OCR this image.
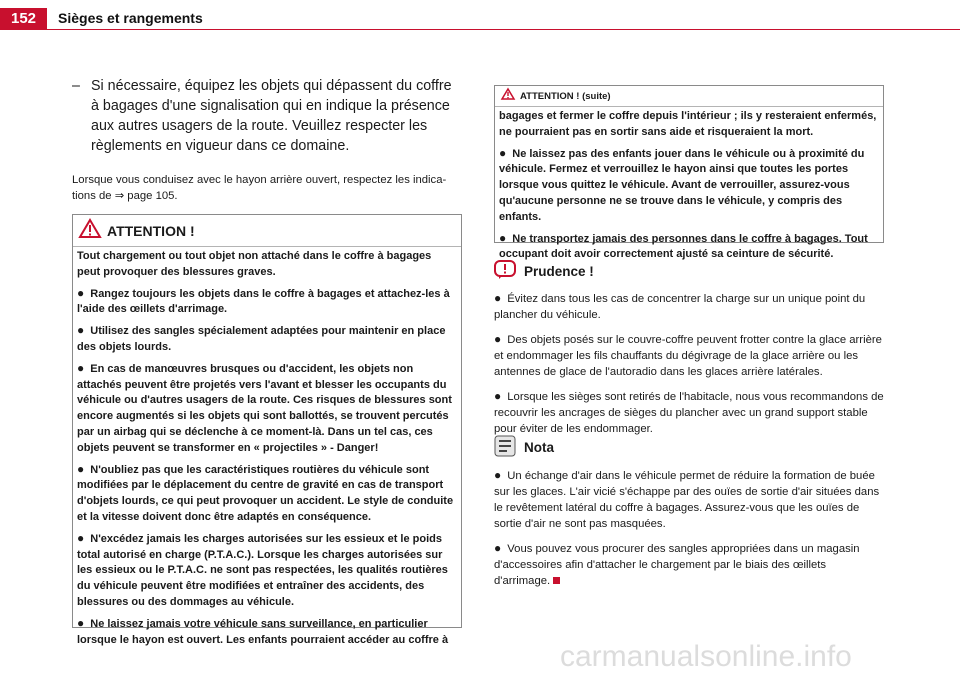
152	Sièges et rangements
– Si nécessaire, équipez les objets qui dépassent du coffre à bagages d'une signalisation qui en indique la présence aux autres usagers de la route. Veuillez respecter les règlements en vigueur dans ce domaine.
Lorsque vous conduisez avec le hayon arrière ouvert, respectez les indications de ⇒ page 105.
ATTENTION !

Tout chargement ou tout objet non attaché dans le coffre à bagages peut provoquer des blessures graves.

● Rangez toujours les objets dans le coffre à bagages et attachez-les à l'aide des œillets d'arrimage.

● Utilisez des sangles spécialement adaptées pour maintenir en place des objets lourds.

● En cas de manœuvres brusques ou d'accident, les objets non attachés peuvent être projetés vers l'avant et blesser les occupants du véhicule ou d'autres usagers de la route. Ces risques de blessures sont encore augmentés si les objets qui sont ballottés, se trouvent percutés par un airbag qui se déclenche à ce moment-là. Dans un tel cas, ces objets peuvent se transformer en « projectiles » - Danger!

● N'oubliez pas que les caractéristiques routières du véhicule sont modifiées par le déplacement du centre de gravité en cas de transport d'objets lourds, ce qui peut provoquer un accident. Le style de conduite et la vitesse doivent donc être adaptés en conséquence.

● N'excédez jamais les charges autorisées sur les essieux et le poids total autorisé en charge (P.T.A.C.). Lorsque les charges autorisées sur les essieux ou le P.T.A.C. ne sont pas respectées, les qualités routières du véhicule peuvent être modifiées et entraîner des accidents, des blessures ou des dommages au véhicule.

● Ne laissez jamais votre véhicule sans surveillance, en particulier lorsque le hayon est ouvert. Les enfants pourraient accéder au coffre à

ATTENTION ! (suite)

bagages et fermer le coffre depuis l'intérieur ; ils y resteraient enfermés, ne pourraient pas en sortir sans aide et risqueraient la mort.

● Ne laissez pas des enfants jouer dans le véhicule ou à proximité du véhicule. Fermez et verrouillez le hayon ainsi que toutes les portes lorsque vous quittez le véhicule. Avant de verrouiller, assurez-vous qu'aucune personne ne se trouve dans le véhicule, y compris des enfants.

● Ne transportez jamais des personnes dans le coffre à bagages. Tout occupant doit avoir correctement ajusté sa ceinture de sécurité.

Prudence !

● Évitez dans tous les cas de concentrer la charge sur un unique point du plancher du véhicule.

● Des objets posés sur le couvre-coffre peuvent frotter contre la glace arrière et endommager les fils chauffants du dégivrage de la glace arrière ou les antennes de glace de l'autoradio dans les glaces arrière latérales.

● Lorsque les sièges sont retirés de l'habitacle, nous vous recommandons de recouvrir les ancrages de sièges du plancher avec un grand support stable pour éviter de les endommager.

Nota

● Un échange d'air dans le véhicule permet de réduire la formation de buée sur les glaces. L'air vicié s'échappe par des ouïes de sortie d'air situées dans le revêtement latéral du coffre à bagages. Assurez-vous que les ouïes de sortie d'air ne sont pas masquées.

● Vous pouvez vous procurer des sangles appropriées dans un magasin d'accessoires afin d'attacher le chargement par le biais des œillets d'arrimage.

carmanualsonline.info
